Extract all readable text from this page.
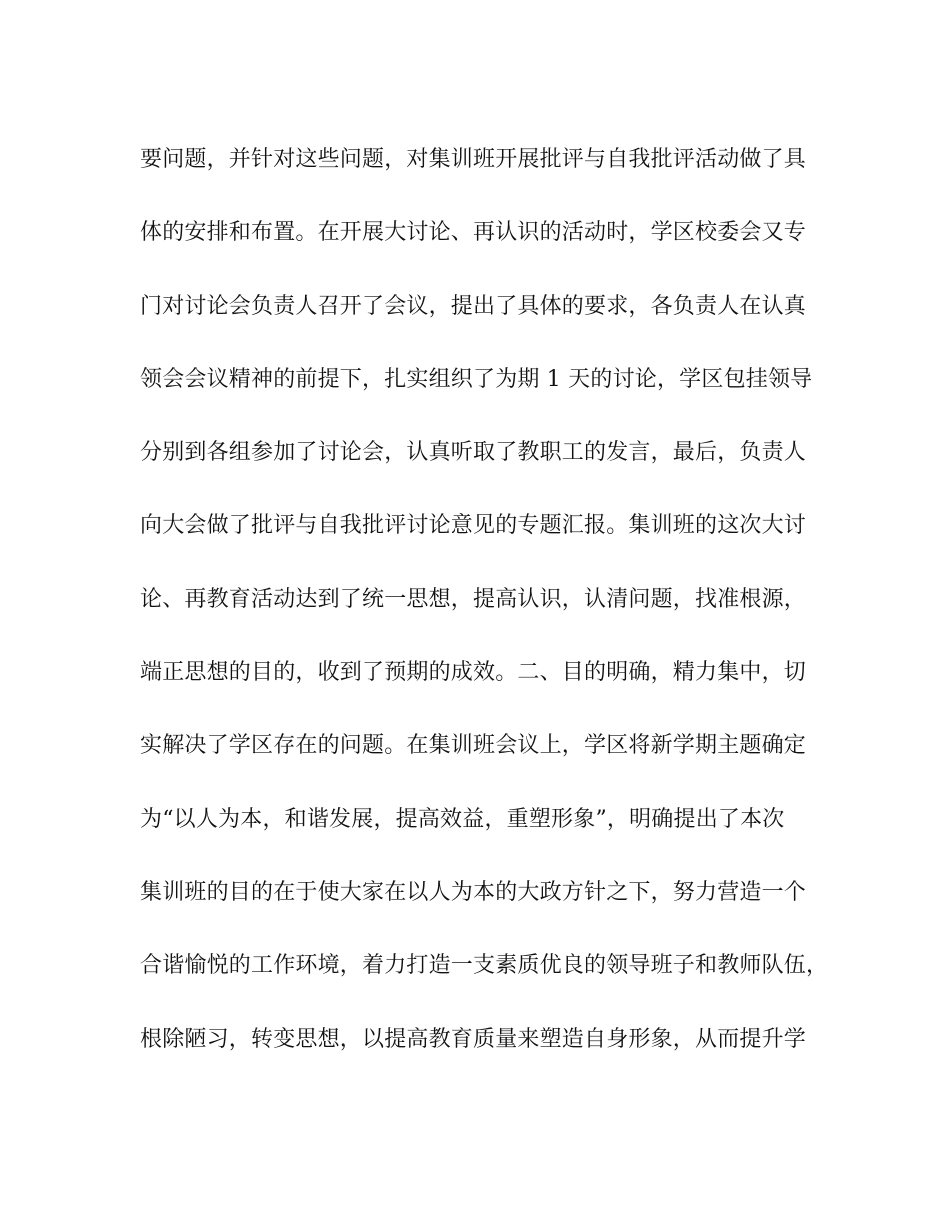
要问题，并针对这些问题，对集训班开展批评与自我批评活动做了具
体的安排和布置。在开展大讨论、再认识的活动时，学区校委会又专
门对讨论会负责人召开了会议，提出了具体的要求，各负责人在认真
领会会议精神的前提下，扎实组织了为期 1 天的讨论，学区包挂领导
分别到各组参加了讨论会，认真听取了教职工的发言，最后，负责人
向大会做了批评与自我批评讨论意见的专题汇报。集训班的这次大讨
论、再教育活动达到了统一思想，提高认识，认清问题，找准根源，
端正思想的目的，收到了预期的成效。二、目的明确，精力集中，切
实解决了学区存在的问题。在集训班会议上，学区将新学期主题确定
为“以人为本，和谐发展，提高效益，重塑形象”，明确提出了本次
集训班的目的在于使大家在以人为本的大政方针之下，努力营造一个
合谐愉悦的工作环境，着力打造一支素质优良的领导班子和教师队伍，
根除陋习，转变思想，以提高教育质量来塑造自身形象，从而提升学
